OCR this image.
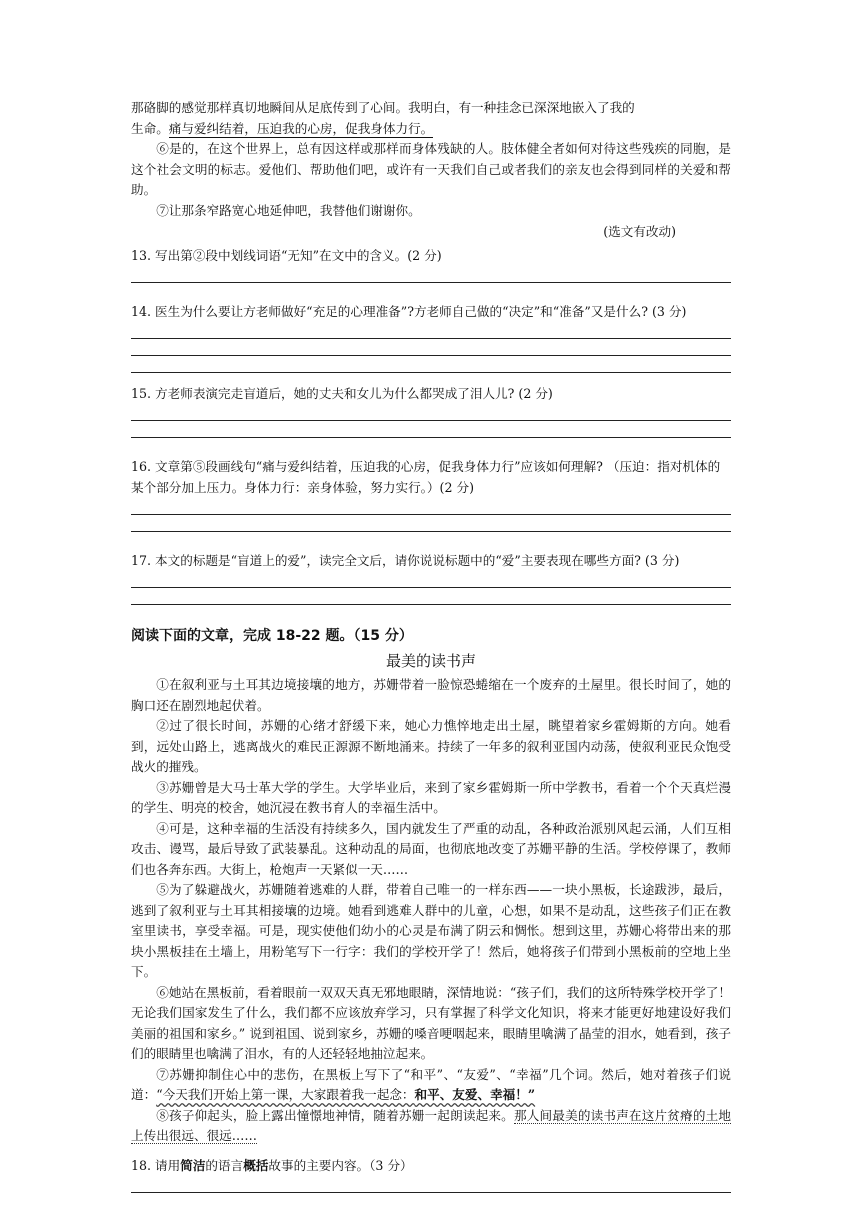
那硌脚的感觉那样真切地瞬间从足底传到了心间。我明白，有一种挂念已深深地嵌入了我的

生命。痛与爱纠结着，压迫我的心房，促我身体力行。

⑥是的，在这个世界上，总有因这样或那样而身体残缺的人。肢体健全者如何对待这些残疾的同胞，是这个社会文明的标志。爱他们、帮助他们吧，或许有一天我们自己或者我们的亲友也会得到同样的关爱和帮助。

⑦让那条窄路宽心地延伸吧，我替他们谢谢你。

(选文有改动)
13. 写出第②段中划线词语“无知”在文中的含义。(2 分)
14. 医生为什么要让方老师做好“充足的心理准备”?方老师自己做的“决定”和“准备”又是什么? (3 分)
15. 方老师表演完走盲道后，她的丈夫和女儿为什么都哭成了泪人儿? (2 分)
16. 文章第⑤段画线句“痛与爱纠结着，压迫我的心房，促我身体力行”应该如何理解? （压迫：指对机体的某个部分加上压力。身体力行：亲身体验，努力实行。）(2 分)
17. 本文的标题是“盲道上的爱”，读完全文后，请你说说标题中的“爱”主要表现在哪些方面? (3 分)
阅读下面的文章，完成 18-22 题。（15 分）
最美的读书声

①在叙利亚与土耳其边境接壤的地方，苏姗带着一脸惊恐蜷缩在一个废弃的土屋里。很长时间了，她的胸口还在剧烈地起伏着。

②过了很长时间，苏姗的心绪才舒缓下来，她心力憔悴地走出土屋，眺望着家乡霍姆斯的方向。她看到，远处山路上，逃离战火的难民正源源不断地涌来。持续了一年多的叙利亚国内动荡，使叙利亚民众饱受战火的摧残。

③苏姗曾是大马士革大学的学生。大学毕业后，来到了家乡霍姆斯一所中学教书，看着一个个天真烂漫的学生、明亮的校舍，她沉浸在教书育人的幸福生活中。

④可是，这种幸福的生活没有持续多久，国内就发生了严重的动乱，各种政治派别风起云涌，人们互相攻击、谩骂，最后导致了武装暴乱。这种动乱的局面，也彻底地改变了苏姗平静的生活。学校停课了，教师们也各奔东西。大街上，枪炮声一天紧似一天……

⑤为了躲避战火，苏姗随着逃难的人群，带着自己唯一的一样东西——一块小黑板，长途跋涉，最后，逃到了叙利亚与土耳其相接壤的边境。她看到逃难人群中的儿童，心想，如果不是动乱，这些孩子们正在教室里读书，享受幸福。可是，现实使他们幼小的心灵是布满了阴云和惆怅。想到这里，苏姗心将带出来的那块小黑板挂在土墙上，用粉笔写下一行字：我们的学校开学了！然后，她将孩子们带到小黑板前的空地上坐下。

⑥她站在黑板前，看着眼前一双双天真无邪地眼睛，深情地说：“孩子们，我们的这所特殊学校开学了！无论我们国家发生了什么，我们都不应该放弃学习，只有掌握了科学文化知识，将来才能更好地建设好我们美丽的祖国和家乡。” 说到祖国、说到家乡，苏姗的嗓音哽咽起来，眼睛里噙满了晶莹的泪水，她看到，孩子们的眼睛里也噙满了泪水，有的人还轻轻地抽泣起来。

⑦苏姗抑制住心中的悲伤，在黑板上写下了“和平”、“友爱”、“幸福”几个词。然后，她对着孩子们说道：“今天我们开始上第一课，大家跟着我一起念：和平、友爱、幸福！”

⑧孩子仰起头，脸上露出憧憬地神情，随着苏姗一起朗读起来。那人间最美的读书声在这片贫瘠的土地上传出很远、很远……

18. 请用简洁的语言概括故事的主要内容。（3 分）
